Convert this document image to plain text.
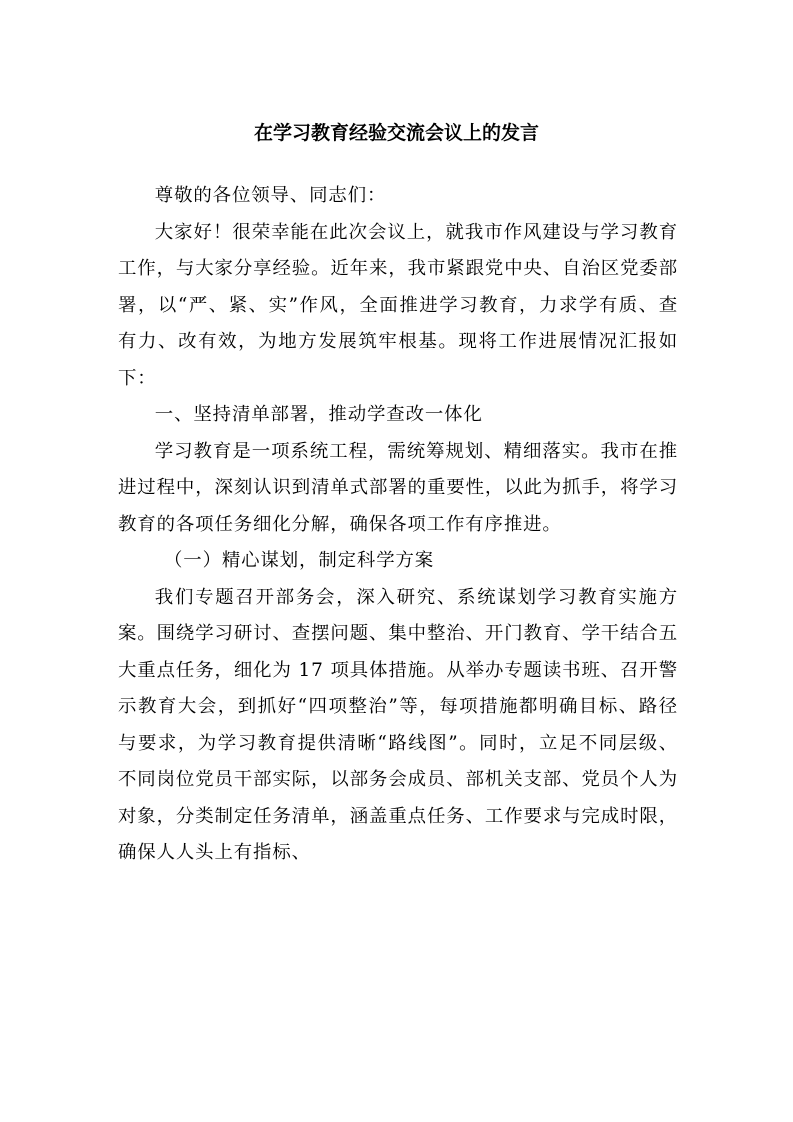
在学习教育经验交流会议上的发言

尊敬的各位领导、同志们：

大家好！很荣幸能在此次会议上，就我市作风建设与学习教育工作，与大家分享经验。近年来，我市紧跟党中央、自治区党委部署，以“严、紧、实”作风，全面推进学习教育，力求学有质、查有力、改有效，为地方发展筑牢根基。现将工作进展情况汇报如下：

一、坚持清单部署，推动学查改一体化

学习教育是一项系统工程，需统筹规划、精细落实。我市在推进过程中，深刻认识到清单式部署的重要性，以此为抓手，将学习教育的各项任务细化分解，确保各项工作有序推进。

（一）精心谋划，制定科学方案

我们专题召开部务会，深入研究、系统谋划学习教育实施方案。围绕学习研讨、查摆问题、集中整治、开门教育、学干结合五大重点任务，细化为 17 项具体措施。从举办专题读书班、召开警示教育大会，到抓好“四项整治”等，每项措施都明确目标、路径与要求，为学习教育提供清晰“路线图”。同时，立足不同层级、不同岗位党员干部实际，以部务会成员、部机关支部、党员个人为对象，分类制定任务清单，涵盖重点任务、工作要求与完成时限，确保人人头上有指标、
